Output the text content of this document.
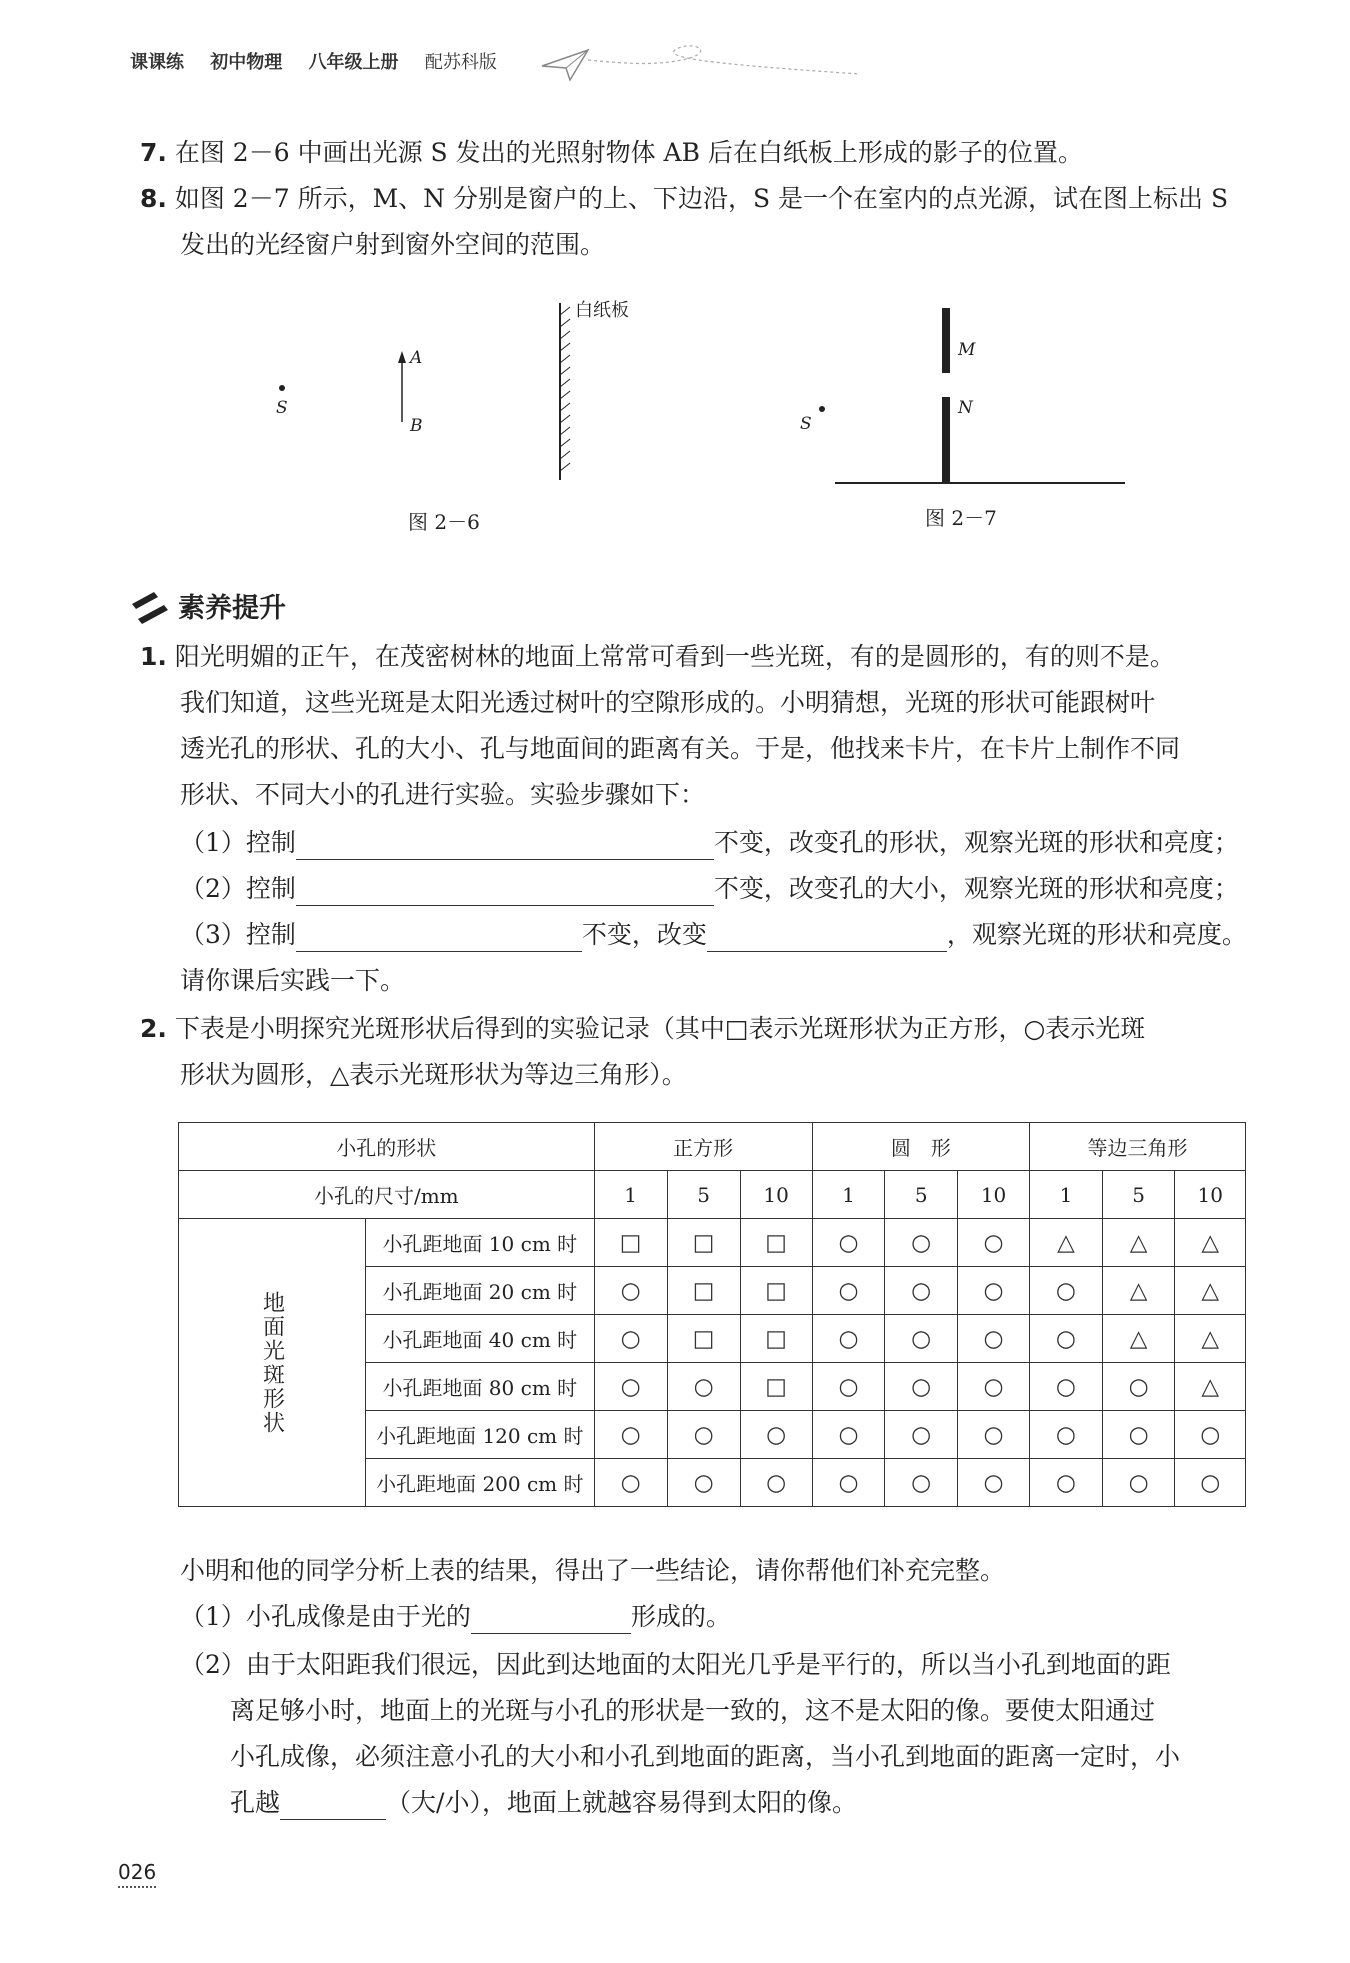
课课练 初中物理 八年级上册 配苏科版
7. 在图 2－6 中画出光源 S 发出的光照射物体 AB 后在白纸板上形成的影子的位置。
8. 如图 2－7 所示，M、N 分别是窗户的上、下边沿，S 是一个在室内的点光源，试在图上标出 S
发出的光经窗户射到窗外空间的范围。
S
A
B
白纸板
图 2－6
M
N
S
图 2－7
素养提升
1. 阳光明媚的正午，在茂密树林的地面上常常可看到一些光斑，有的是圆形的，有的则不是。
我们知道，这些光斑是太阳光透过树叶的空隙形成的。小明猜想，光斑的形状可能跟树叶
透光孔的形状、孔的大小、孔与地面间的距离有关。于是，他找来卡片，在卡片上制作不同
形状、不同大小的孔进行实验。实验步骤如下：
（1）控制	不变，改变孔的形状，观察光斑的形状和亮度；
（2）控制	不变，改变孔的大小，观察光斑的形状和亮度；
（3）控制	不变，改变	，观察光斑的形状和亮度。
请你课后实践一下。
2. 下表是小明探究光斑形状后得到的实验记录（其中□表示光斑形状为正方形，○表示光斑
形状为圆形，△表示光斑形状为等边三角形）。
小孔的形状		正方形			圆　形			等边三角形		
小孔的尺寸/mm		1	5	10	1	5	10	1	5	10
地面光斑形状	小孔距地面 10 cm 时	□	□	□	○	○	○	△	△	△
	小孔距地面 20 cm 时	○	□	□	○	○	○	○	△	△
	小孔距地面 40 cm 时	○	□	□	○	○	○	○	△	△
	小孔距地面 80 cm 时	○	○	□	○	○	○	○	○	△
	小孔距地面 120 cm 时	○	○	○	○	○	○	○	○	○
	小孔距地面 200 cm 时	○	○	○	○	○	○	○	○	○
小明和他的同学分析上表的结果，得出了一些结论，请你帮他们补充完整。
（1）小孔成像是由于光的	形成的。
（2）由于太阳距我们很远，因此到达地面的太阳光几乎是平行的，所以当小孔到地面的距
离足够小时，地面上的光斑与小孔的形状是一致的，这不是太阳的像。要使太阳通过
小孔成像，必须注意小孔的大小和小孔到地面的距离，当小孔到地面的距离一定时，小
孔越	（大/小），地面上就越容易得到太阳的像。
026
